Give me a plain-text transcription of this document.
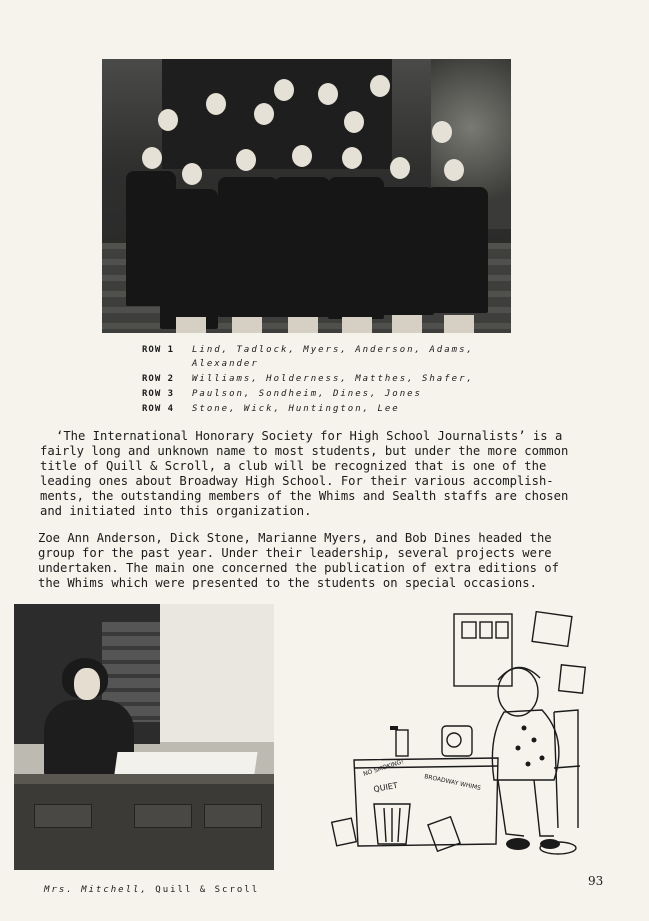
ROW 1 Lind, Tadlock, Myers, Anderson, Adams,
Alexander
ROW 2 Williams, Holderness, Matthes, Shafer,
ROW 3 Paulson, Sondheim, Dines, Jones
ROW 4 Stone, Wick, Huntington, Lee
‘The International Honorary Society for High School Journalists’ is a
fairly long and unknown name to most students, but under the more common
title of Quill & Scroll, a club will be recognized that is one of the
leading ones about Broadway High School. For their various accomplish-
ments, the outstanding members of the Whims and Sealth staffs are chosen
and initiated into this organization.
Zoe Ann Anderson, Dick Stone, Marianne Myers, and Bob Dines headed the
group for the past year. Under their leadership, several projects were
undertaken. The main one concerned the publication of extra editions of
the Whims which were presented to the students on special occasions.
NO SMOKING!
QUIET	BROADWAY WHIMS
Mrs. Mitchell, Quill & Scroll
93
